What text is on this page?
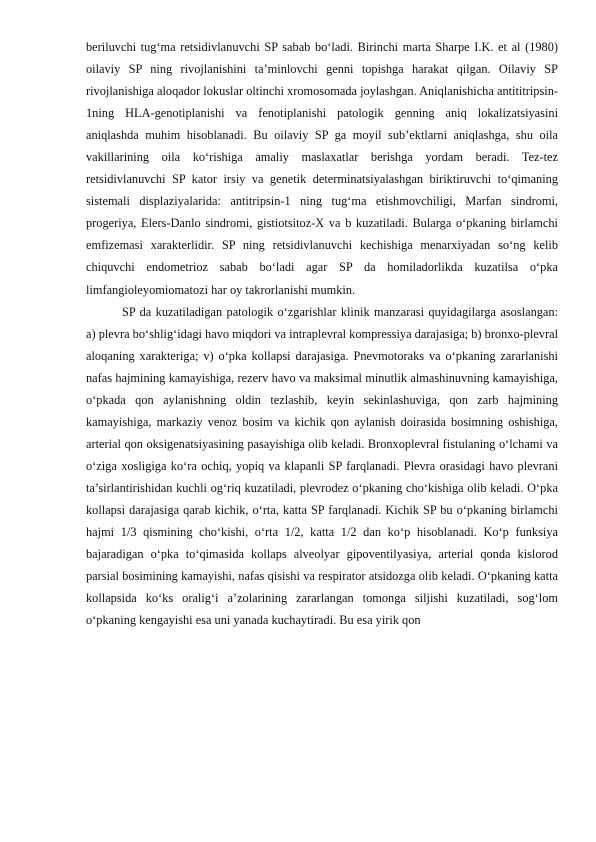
beriluvchi tug‘ma retsidivlanuvchi SP sabab bo‘ladi. Birinchi marta Sharpe I.K. et al (1980) oilaviy SP ning rivojlanishini ta’minlovchi genni topishga harakat qilgan. Oilaviy SP rivojlanishiga aloqador lokuslar oltinchi xromosomada joylashgan. Aniqlanishicha antititripsin-1ning HLA-genotiplanishi va fenotiplanishi patologik genning aniq lokalizatsiyasini aniqlashda muhim hisoblanadi. Bu oilaviy SP ga moyil sub’ektlarni aniqlashga, shu oila vakillarining oila ko‘rishiga amaliy maslaxatlar berishga yordam beradi. Tez-tez retsidivlanuvchi SP kator irsiy va genetik determinatsiyalashgan biriktiruvchi to‘qimaning sistemali displaziyalarida: antitripsin-1 ning tug‘ma etishmovchiligi, Marfan sindromi, progeriya, Elers-Danlo sindromi, gistiotsitoz-X va b kuzatiladi. Bularga o‘pkaning birlamchi emfizemasi xarakterlidir. SP ning retsidivlanuvchi kechishiga menarxiyadan so‘ng kelib chiquvchi endometrioz sabab bo‘ladi agar SP da homiladorlikda kuzatilsa o‘pka limfangioleyomiomatozi har oy takrorlanishi mumkin.

SP da kuzatiladigan patologik o‘zgarishlar klinik manzarasi quyidagilarga asoslangan: a) plevra bo‘shlig‘idagi havo miqdori va intraplevral kompressiya darajasiga; b) bronxo-plevral aloqaning xarakteriga; v) o‘pka kollapsi darajasiga. Pnevmotoraks va o‘pkaning zararlanishi nafas hajmining kamayishiga, rezerv havo va maksimal minutlik almashinuvning kamayishiga, o‘pkada qon aylanishning oldin tezlashib, keyin sekinlashuviga, qon zarb hajmining kamayishiga, markaziy venoz bosim va kichik qon aylanish doirasida bosimning oshishiga, arterial qon oksigenatsiyasining pasayishiga olib keladi. Bronxoplevral fistulaning o‘lchami va o‘ziga xosligiga ko‘ra ochiq, yopiq va klapanli SP farqlanadi. Plevra orasidagi havo plevrani ta’sirlantirishidan kuchli og‘riq kuzatiladi, plevrodez o‘pkaning cho‘kishiga olib keladi. O‘pka kollapsi darajasiga qarab kichik, o‘rta, katta SP farqlanadi. Kichik SP bu o‘pkaning birlamchi hajmi 1/3 qismining cho‘kishi, o‘rta 1/2, katta 1/2 dan ko‘p hisoblanadi. Ko‘p funksiya bajaradigan o‘pka to‘qimasida kollaps alveolyar gipoventilyasiya, arterial qonda kislorod parsial bosimining kamayishi, nafas qisishi va respirator atsidozga olib keladi. O‘pkaning katta kollapsida ko‘ks oralig‘i a’zolarining zararlangan tomonga siljishi kuzatiladi, sog‘lom o‘pkaning kengayishi esa uni yanada kuchaytiradi. Bu esa yirik qon
